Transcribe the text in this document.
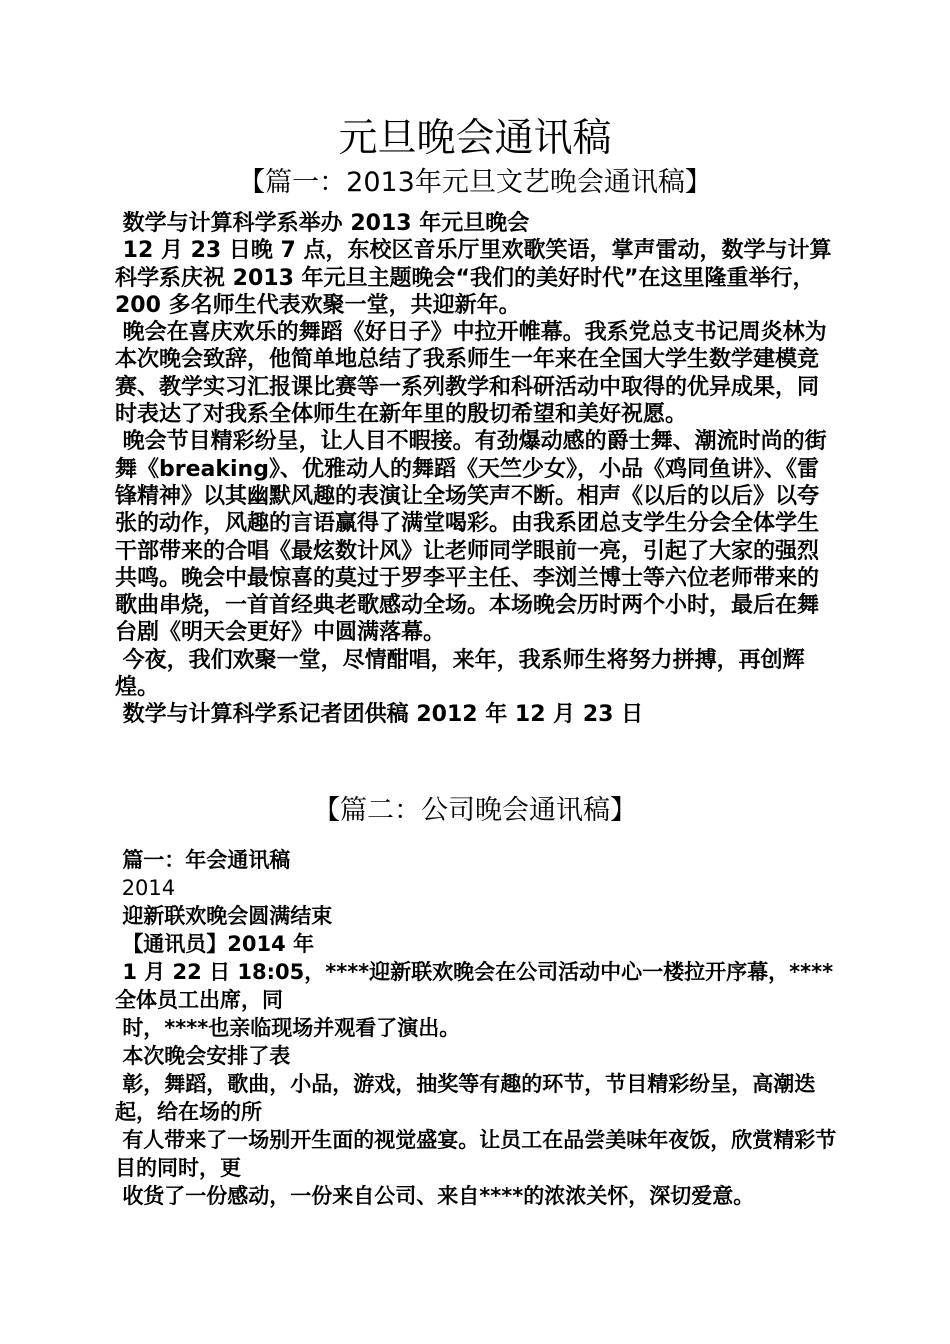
元旦晚会通讯稿
【篇一：2013年元旦文艺晚会通讯稿】

数学与计算科学系举办 2013 年元旦晚会

12 月 23 日晚 7 点，东校区音乐厅里欢歌笑语，掌声雷动，数学与计算科学系庆祝 2013 年元旦主题晚会“我们的美好时代”在这里隆重举行，200 多名师生代表欢聚一堂，共迎新年。

晚会在喜庆欢乐的舞蹈《好日子》中拉开帷幕。我系党总支书记周炎林为本次晚会致辞，他简单地总结了我系师生一年来在全国大学生数学建模竞赛、教学实习汇报课比赛等一系列教学和科研活动中取得的优异成果，同时表达了对我系全体师生在新年里的殷切希望和美好祝愿。

晚会节目精彩纷呈，让人目不暇接。有劲爆动感的爵士舞、潮流时尚的街舞《breaking》、优雅动人的舞蹈《天竺少女》，小品《鸡同鱼讲》、《雷锋精神》以其幽默风趣的表演让全场笑声不断。相声《以后的以后》以夸张的动作，风趣的言语赢得了满堂喝彩。由我系团总支学生分会全体学生干部带来的合唱《最炫数计风》让老师同学眼前一亮，引起了大家的强烈共鸣。晚会中最惊喜的莫过于罗李平主任、李浏兰博士等六位老师带来的歌曲串烧，一首首经典老歌感动全场。本场晚会历时两个小时，最后在舞台剧《明天会更好》中圆满落幕。

今夜，我们欢聚一堂，尽情酣唱，来年，我系师生将努力拼搏，再创辉煌。

数学与计算科学系记者团供稿 2012 年 12 月 23 日

【篇二：公司晚会通讯稿】

篇一：年会通讯稿

2014

迎新联欢晚会圆满结束

【通讯员】2014 年

1 月 22 日 18:05，****迎新联欢晚会在公司活动中心一楼拉开序幕，****全体员工出席，同

时，****也亲临现场并观看了演出。

本次晚会安排了表

彰，舞蹈，歌曲，小品，游戏，抽奖等有趣的环节，节目精彩纷呈，高潮迭起，给在场的所

有人带来了一场别开生面的视觉盛宴。让员工在品尝美味年夜饭，欣赏精彩节目的同时，更

收货了一份感动，一份来自公司、来自****的浓浓关怀，深切爱意。
